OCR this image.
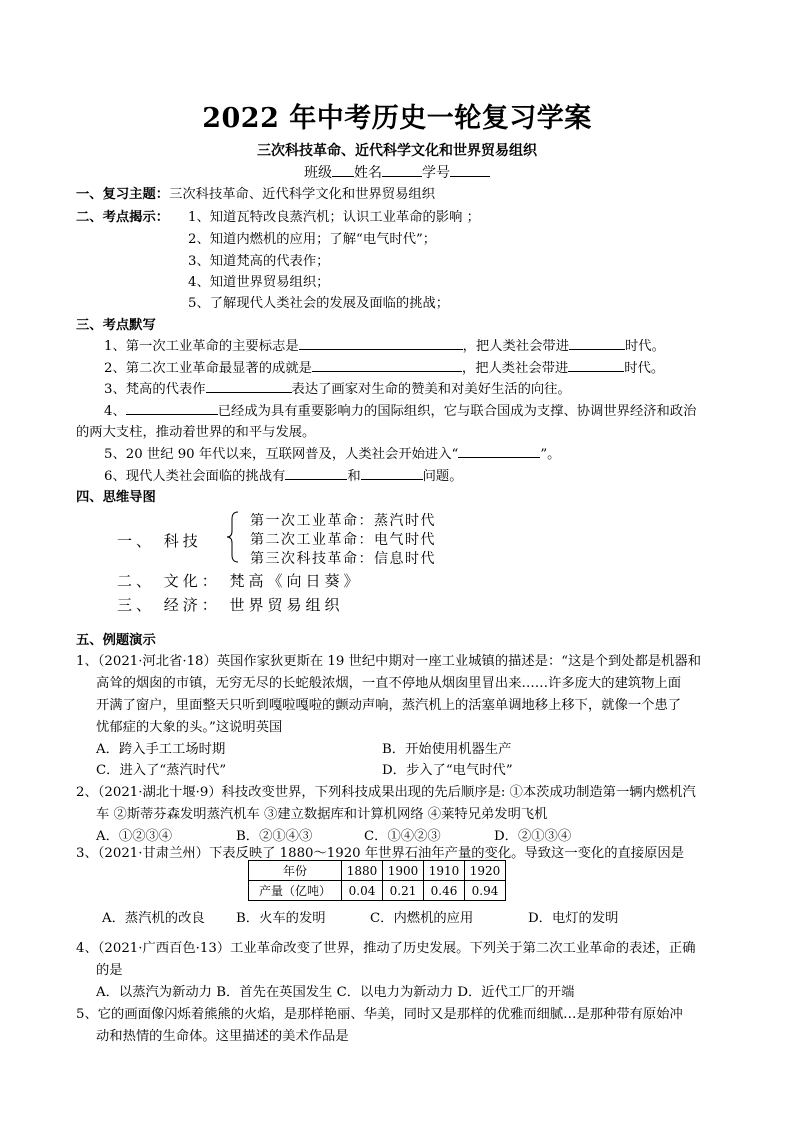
2022 年中考历史一轮复习学案
三次科技革命、近代科学文化和世界贸易组织
班级 姓名	学号
一、复习主题：三次科技革命、近代科学文化和世界贸易组织
二、考点揭示： 1、知道瓦特改良蒸汽机；认识工业革命的影响 ；
2、知道内燃机的应用；了解“电气时代”；
3、知道梵高的代表作；
4、知道世界贸易组织；
5、了解现代人类社会的发展及面临的挑战；
三、考点默写
1、第一次工业革命的主要标志是	，把人类社会带进	时代。
2、第二次工业革命最显著的成就是	，把人类社会带进	时代。
3、梵高的代表作	表达了画家对生命的赞美和对美好生活的向往。
4、	已经成为具有重要影响力的国际组织，它与联合国成为支撑、协调世界经济和政治
的两大支柱，推动着世界的和平与发展。
5、20 世纪 90 年代以来，互联网普及，人类社会开始进入“	”。
6、现代人类社会面临的挑战有	和	问题。
四、思维导图
一、 科技
第一次工业革命：蒸汽时代
第二次工业革命：电气时代
第三次科技革命：信息时代
二、 文化： 梵高《向日葵》
三、 经济： 世界贸易组织
五、例题演示
1、（2021·河北省·18）英国作家狄更斯在 19 世纪中期对一座工业城镇的描述是：“这是个到处都是机器和
高耸的烟囱的市镇，无穷无尽的长蛇般浓烟，一直不停地从烟囱里冒出来……许多庞大的建筑物上面
开满了窗户，里面整天只听到嘎啦嘎啦的颤动声响，蒸汽机上的活塞单调地移上移下，就像一个患了
忧郁症的大象的头。”这说明英国
A．跨入手工工场时期	B．开始使用机器生产
C．进入了“蒸汽时代”	D．步入了“电气时代”
2、（2021·湖北十堰·9）科技改变世界，下列科技成果出现的先后顺序是: ①本茨成功制造第一辆内燃机汽
车 ②斯蒂芬森发明蒸汽机车 ③建立数据库和计算机网络 ④莱特兄弟发明飞机
A．①②③④	B．②①④③	C．①④②③	D．②①③④
3、（2021·甘肃兰州）下表反映了 1880～1920 年世界石油年产量的变化。导致这一变化的直接原因是
年份	1880	1900	1910	1920
产量（亿吨）	0.04	0.21	0.46	0.94
A．蒸汽机的改良 B．火车的发明	C．内燃机的应用	D．电灯的发明
4、（2021·广西百色·13）工业革命改变了世界，推动了历史发展。下列关于第二次工业革命的表述，正确
的是
A．以蒸汽为新动力 B．首先在英国发生 C．以电力为新动力 D．近代工厂的开端
5、它的画面像闪烁着熊熊的火焰，是那样艳丽、华美，同时又是那样的优雅而细腻…是那种带有原始冲
动和热情的生命体。这里描述的美术作品是
